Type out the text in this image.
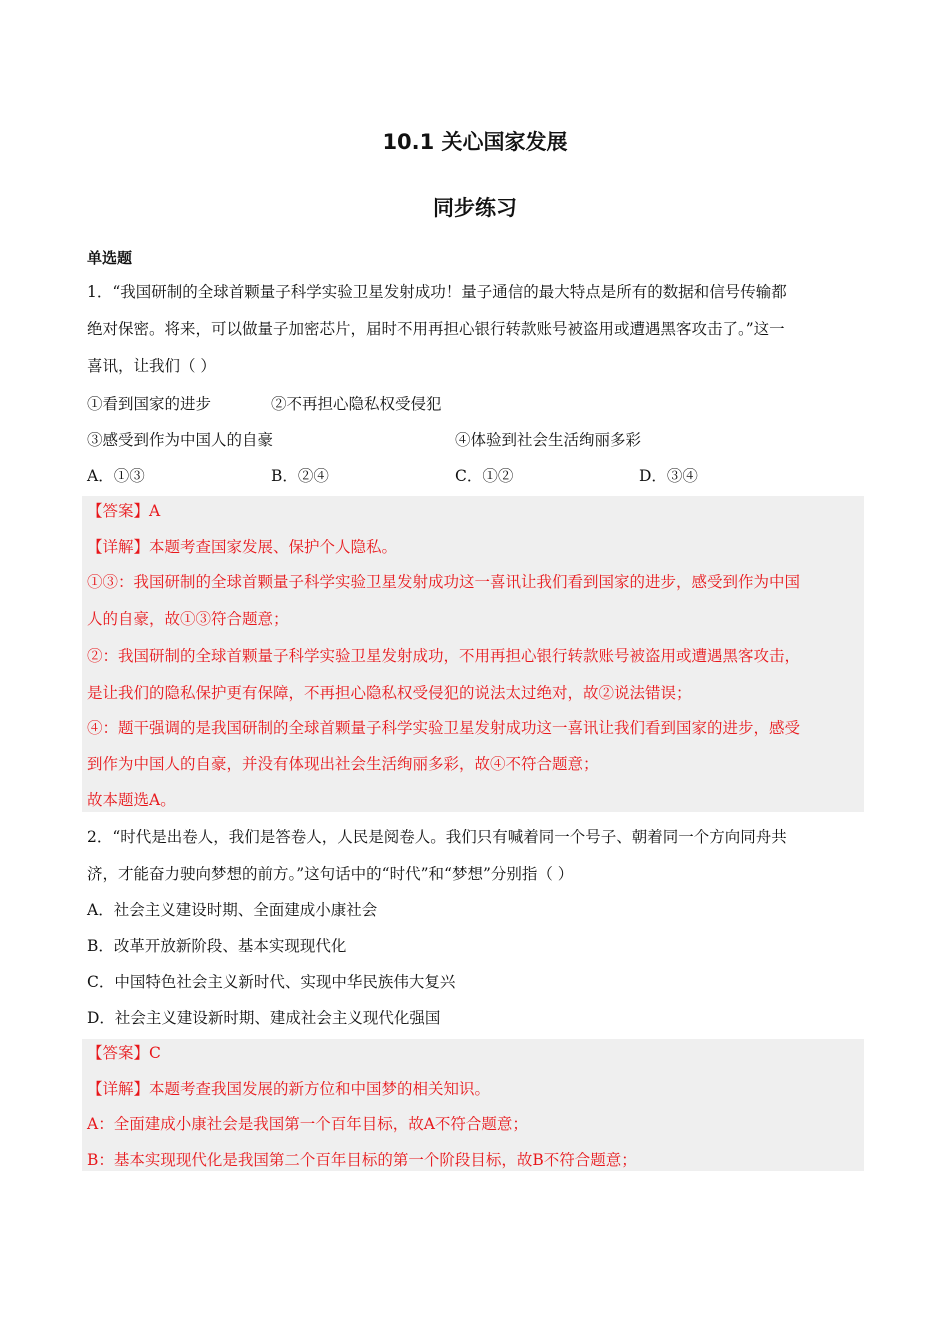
10.1 关心国家发展
同步练习
单选题
1．“我国研制的全球首颗量子科学实验卫星发射成功！量子通信的最大特点是所有的数据和信号传输都
绝对保密。将来，可以做量子加密芯片，届时不用再担心银行转款账号被盗用或遭遇黑客攻击了。”这一
喜讯，让我们（ ）
①看到国家的进步	②不再担心隐私权受侵犯
③感受到作为中国人的自豪	④体验到社会生活绚丽多彩
A．①③	B．②④	C．①②	D．③④
【答案】A
【详解】本题考查国家发展、保护个人隐私。
①③：我国研制的全球首颗量子科学实验卫星发射成功这一喜讯让我们看到国家的进步，感受到作为中国
人的自豪，故①③符合题意；
②：我国研制的全球首颗量子科学实验卫星发射成功，不用再担心银行转款账号被盗用或遭遇黑客攻击，
是让我们的隐私保护更有保障，不再担心隐私权受侵犯的说法太过绝对，故②说法错误；
④：题干强调的是我国研制的全球首颗量子科学实验卫星发射成功这一喜讯让我们看到国家的进步，感受
到作为中国人的自豪，并没有体现出社会生活绚丽多彩，故④不符合题意；
故本题选A。
2．“时代是出卷人，我们是答卷人，人民是阅卷人。我们只有喊着同一个号子、朝着同一个方向同舟共
济，才能奋力驶向梦想的前方。”这句话中的“时代”和“梦想”分别指（ ）
A．社会主义建设时期、全面建成小康社会
B．改革开放新阶段、基本实现现代化
C．中国特色社会主义新时代、实现中华民族伟大复兴
D．社会主义建设新时期、建成社会主义现代化强国
【答案】C
【详解】本题考查我国发展的新方位和中国梦的相关知识。
A：全面建成小康社会是我国第一个百年目标，故A不符合题意；
B：基本实现现代化是我国第二个百年目标的第一个阶段目标，故B不符合题意；
